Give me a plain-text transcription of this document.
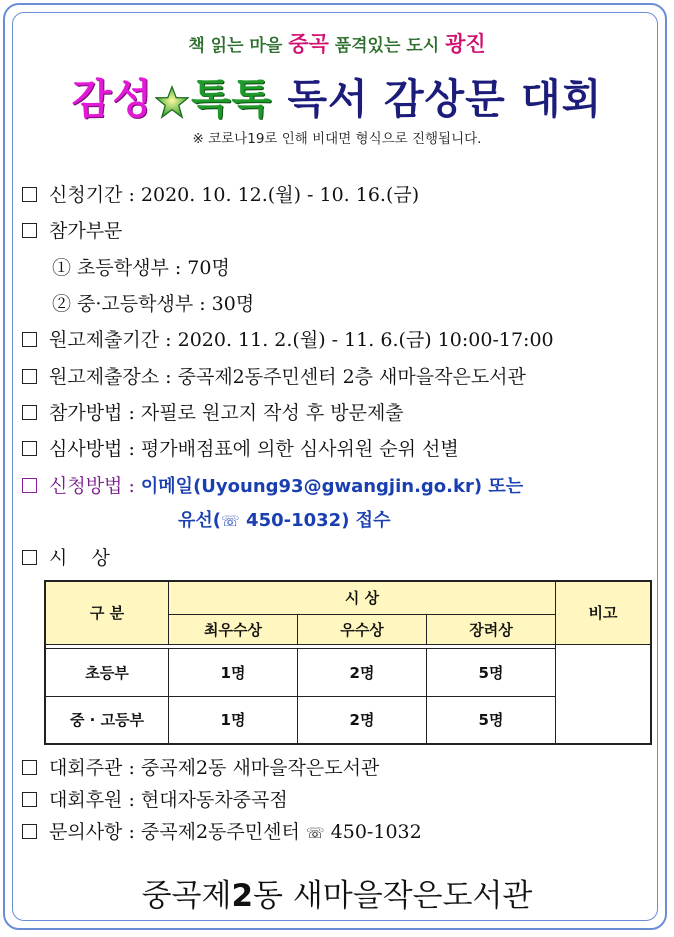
책 읽는 마을 중곡 품격있는 도시 광진
감성 톡톡 독서 감상문 대회
※ 코로나19로 인해 비대면 형식으로 진행됩니다.
신청기간 : 2020. 10. 12.(월) - 10. 16.(금)
참가부문
① 초등학생부 : 70명
② 중·고등학생부 : 30명
원고제출기간 : 2020. 11. 2.(월) - 11. 6.(금) 10:00-17:00
원고제출장소 : 중곡제2동주민센터 2층 새마을작은도서관
참가방법 : 자필로 원고지 작성 후 방문제출
심사방법 : 평가배점표에 의한 심사위원 순위 선별
신청방법 : 이메일(Uyoung93@gwangjin.go.kr) 또는
유선(☏ 450-1032) 접수
시    상
구 분	시 상			비고
	최우수상	우수상	장려상	

초등부	1명	2명	5명	
중 · 고등부	1명	2명	5명	
대회주관 : 중곡제2동 새마을작은도서관
대회후원 : 현대자동차중곡점
문의사항 : 중곡제2동주민센터 ☏ 450-1032
중곡제2동 새마을작은도서관
